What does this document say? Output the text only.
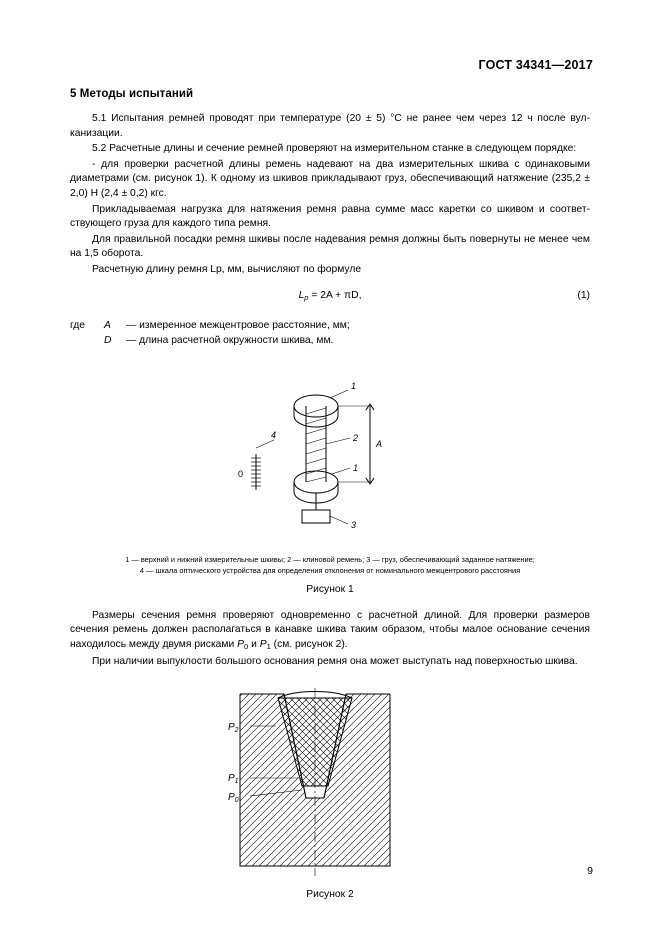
ГОСТ 34341—2017
5 Методы испытаний

5.1 Испытания ремней проводят при температуре (20 ± 5) °С не ранее чем через 12 ч после вулканизации.

5.2 Расчетные длины и сечение ремней проверяют на измерительном станке в следующем порядке:

- для проверки расчетной длины ремень надевают на два измерительных шкива с одинаковыми диаметрами (см. рисунок 1). К одному из шкивов прикладывают груз, обеспечивающий натяжение (235,2 ± 2,0) Н (2,4 ± 0,2) кгс.

Прикладываемая нагрузка для натяжения ремня равна сумме масс каретки со шкивом и соответствующего груза для каждого типа ремня.

Для правильной посадки ремня шкивы после надевания ремня должны быть повернуты не менее чем на 1,5 оборота.

Расчетную длину ремня Lр, мм, вычисляют по формуле

$L_р = 2A + \pi D$,	(1)
где A — измеренное межцентровое расстояние, мм;
D — длина расчетной окружности шкива, мм.
1
2
1
3
4
0
A
1 — верхний и нижний измерительные шкивы; 2 — клиновой ремень; 3 — груз, обеспечивающий заданное натяжение;
4 — шкала оптического устройства для определения отклонения от номинального межцентрового расстояния
Рисунок 1

Размеры сечения ремня проверяют одновременно с расчетной длиной. Для проверки размеров сечения ремень должен располагаться в канавке шкива таким образом, чтобы малое основание сечения находилось между двумя рисками $P_0$ и $P_1$ (см. рисунок 2).

При наличии выпуклости большого основания ремня она может выступать над поверхностью шкива.

$P_2$
$P_1$
$P_0$
Рисунок 2
9
